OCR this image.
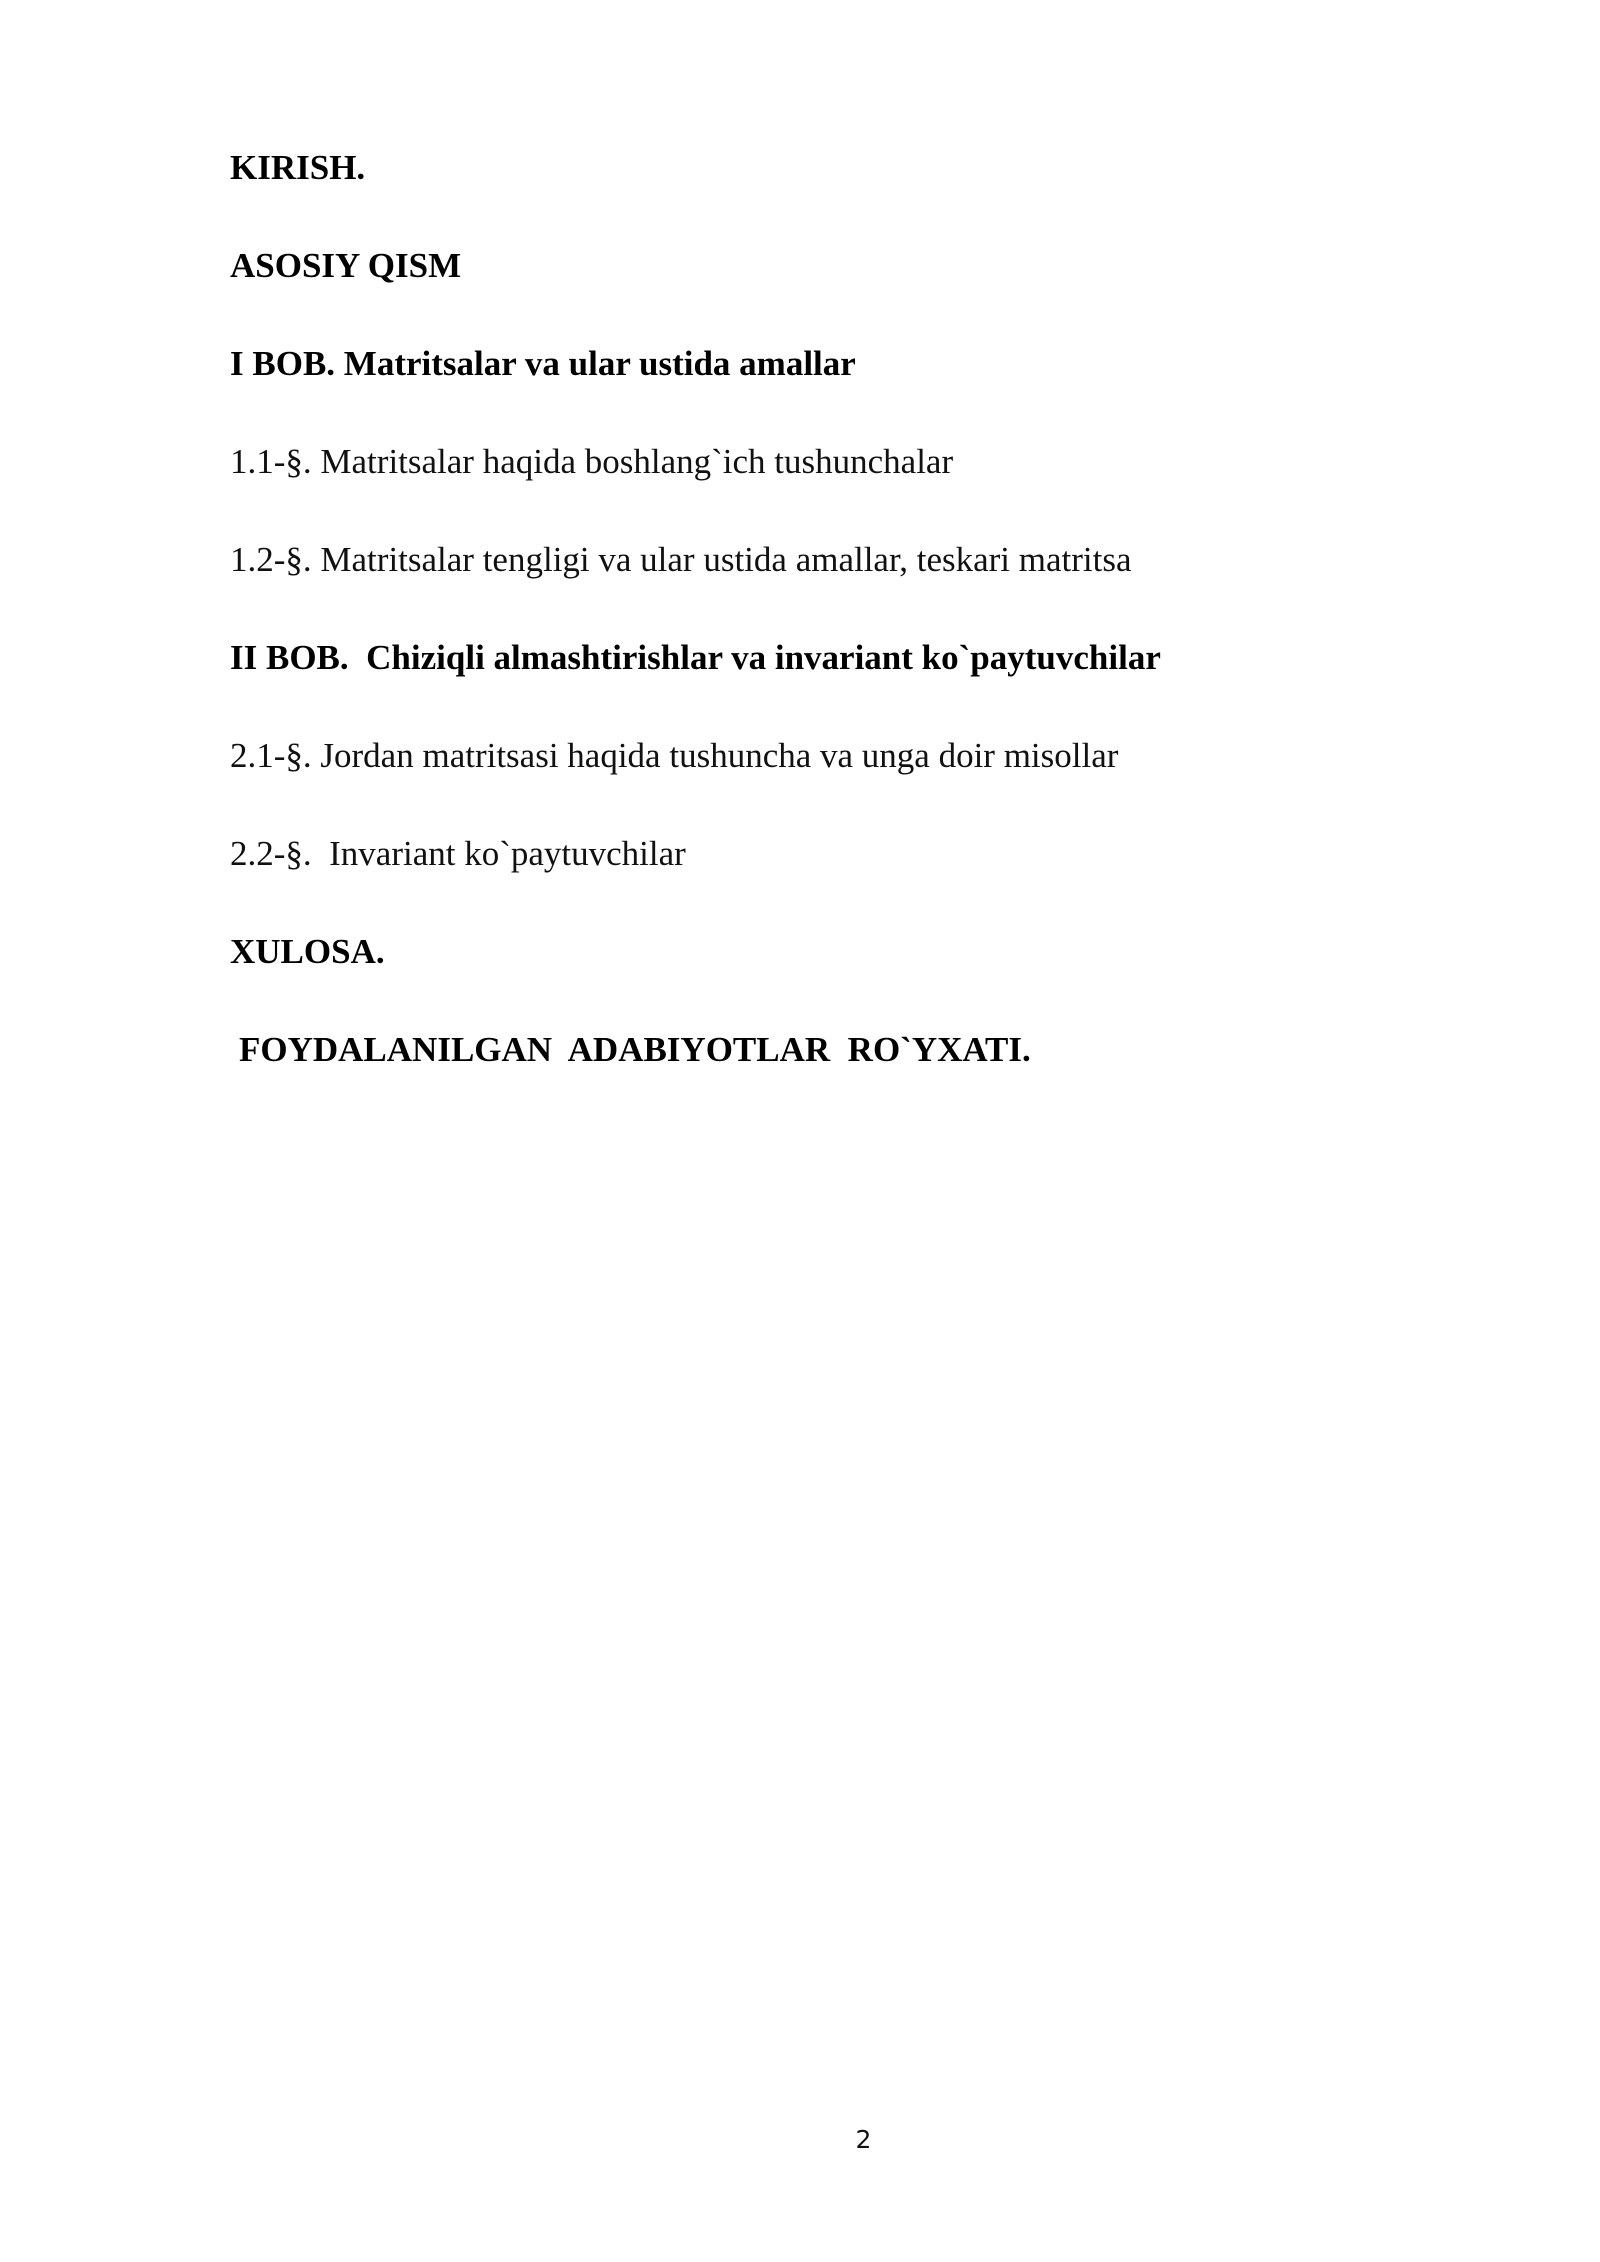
KIRISH.
ASOSIY QISM
I BOB. Matritsalar va ular ustida amallar
1.1-§. Matritsalar haqida boshlang`ich tushunchalar
1.2-§. Matritsalar tengligi va ular ustida amallar, teskari matritsa
II BOB.  Chiziqli almashtirishlar va invariant ko`paytuvchilar
2.1-§. Jordan matritsasi haqida tushuncha va unga doir misollar
2.2-§.  Invariant ko`paytuvchilar
XULOSA.
FOYDALANILGAN  ADABIYOTLAR  RO`YXATI.
2
